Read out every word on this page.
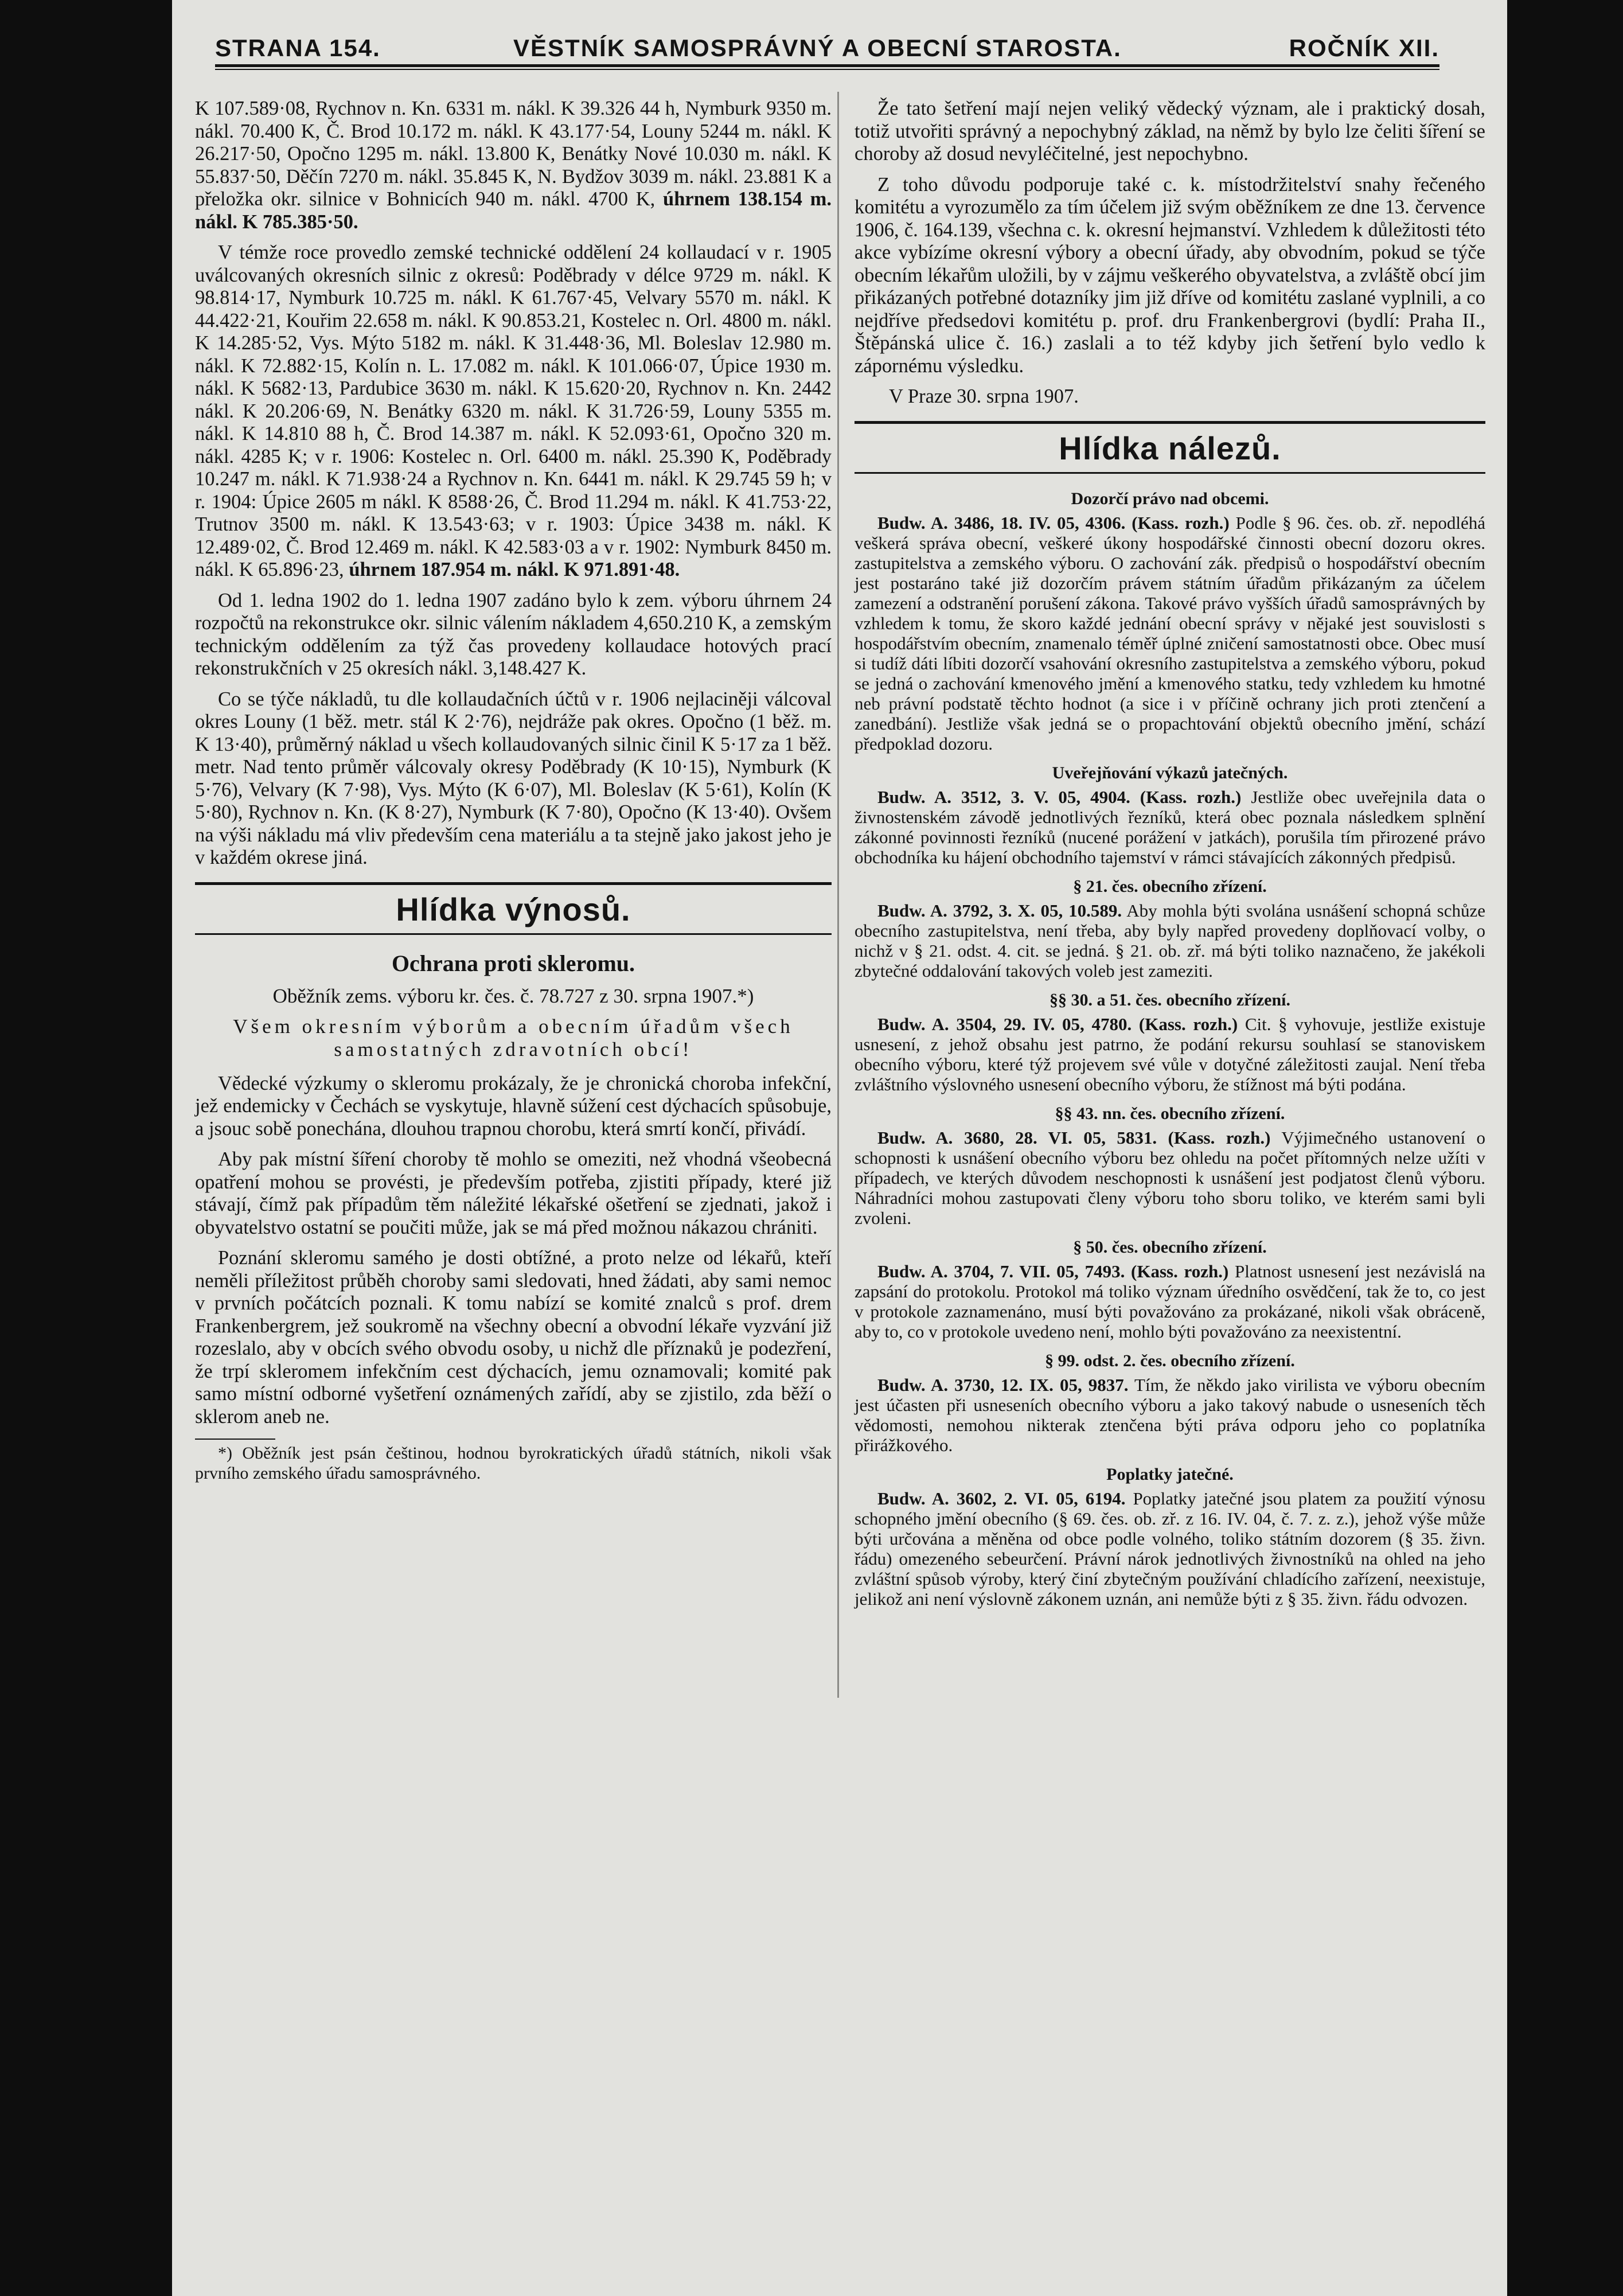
STRANA 154.	VĚSTNÍK SAMOSPRÁVNÝ A OBECNÍ STAROSTA.	ROČNÍK XII.

K 107.589·08, Rychnov n. Kn. 6331 m. nákl. K 39.326 44 h, Nymburk 9350 m. nákl. 70.400 K, Č. Brod 10.172 m. nákl. K 43.177·54, Louny 5244 m. nákl. K 26.217·50, Opočno 1295 m. nákl. 13.800 K, Benátky Nové 10.030 m. nákl. K 55.837·50, Děčín 7270 m. nákl. 35.845 K, N. Bydžov 3039 m. nákl. 23.881 K a přeložka okr. silnice v Bohnicích 940 m. nákl. 4700 K, úhrnem 138.154 m. nákl. K 785.385·50.

V témže roce provedlo zemské technické oddělení 24 kollaudací v r. 1905 uválcovaných okresních silnic z okresů: Poděbrady v délce 9729 m. nákl. K 98.814·17, Nymburk 10.725 m. nákl. K 61.767·45, Velvary 5570 m. nákl. K 44.422·21, Kouřim 22.658 m. nákl. K 90.853.21, Kostelec n. Orl. 4800 m. nákl. K 14.285·52, Vys. Mýto 5182 m. nákl. K 31.448·36, Ml. Boleslav 12.980 m. nákl. K 72.882·15, Kolín n. L. 17.082 m. nákl. K 101.066·07, Úpice 1930 m. nákl. K 5682·13, Pardubice 3630 m. nákl. K 15.620·20, Rychnov n. Kn. 2442 nákl. K 20.206·69, N. Benátky 6320 m. nákl. K 31.726·59, Louny 5355 m. nákl. K 14.810 88 h, Č. Brod 14.387 m. nákl. K 52.093·61, Opočno 320 m. nákl. 4285 K; v r. 1906: Kostelec n. Orl. 6400 m. nákl. 25.390 K, Poděbrady 10.247 m. nákl. K 71.938·24 a Rychnov n. Kn. 6441 m. nákl. K 29.745 59 h; v r. 1904: Úpice 2605 m nákl. K 8588·26, Č. Brod 11.294 m. nákl. K 41.753·22, Trutnov 3500 m. nákl. K 13.543·63; v r. 1903: Úpice 3438 m. nákl. K 12.489·02, Č. Brod 12.469 m. nákl. K 42.583·03 a v r. 1902: Nymburk 8450 m. nákl. K 65.896·23, úhrnem 187.954 m. nákl. K 971.891·48.

Od 1. ledna 1902 do 1. ledna 1907 zadáno bylo k zem. výboru úhrnem 24 rozpočtů na rekonstrukce okr. silnic válením nákladem 4,650.210 K, a zemským technickým oddělením za týž čas provedeny kollaudace hotových prací rekonstrukčních v 25 okresích nákl. 3,148.427 K.

Co se týče nákladů, tu dle kollaudačních účtů v r. 1906 nejlaciněji válcoval okres Louny (1 běž. metr. stál K 2·76), nejdráže pak okres. Opočno (1 běž. m. K 13·40), průměrný náklad u všech kollaudovaných silnic činil K 5·17 za 1 běž. metr. Nad tento průměr válcovaly okresy Poděbrady (K 10·15), Nymburk (K 5·76), Velvary (K 7·98), Vys. Mýto (K 6·07), Ml. Boleslav (K 5·61), Kolín (K 5·80), Rychnov n. Kn. (K 8·27), Nymburk (K 7·80), Opočno (K 13·40). Ovšem na výši nákladu má vliv především cena materiálu a ta stejně jako jakost jeho je v každém okrese jiná.

Hlídka výnosů.
Ochrana proti skleromu.
Oběžník zems. výboru kr. čes. č. 78.727 z 30. srpna 1907.*)
Všem okresním výborům a obecním úřadům všech samostatných zdravotních obcí!

Vědecké výzkumy o skleromu prokázaly, že je chronická choroba infekční, jež endemicky v Čechách se vyskytuje, hlavně súžení cest dýchacích spůsobuje, a jsouc sobě ponechána, dlouhou trapnou chorobu, která smrtí končí, přivádí.

Aby pak místní šíření choroby tě mohlo se omeziti, než vhodná všeobecná opatření mohou se provésti, je především potřeba, zjistiti případy, které již stávají, čímž pak případům těm náležité lékařské ošetření se zjednati, jakož i obyvatelstvo ostatní se poučiti může, jak se má před možnou nákazou chrániti.

Poznání skleromu samého je dosti obtížné, a proto nelze od lékařů, kteří neměli příležitost průběh choroby sami sledovati, hned žádati, aby sami nemoc v prvních počátcích poznali. K tomu nabízí se komité znalců s prof. drem Frankenbergrem, jež soukromě na všechny obecní a obvodní lékaře vyzvání již rozeslalo, aby v obcích svého obvodu osoby, u nichž dle příznaků je podezření, že trpí skleromem infekčním cest dýchacích, jemu oznamovali; komité pak samo místní odborné vyšetření oznámených zařídí, aby se zjistilo, zda běží o sklerom aneb ne.

*) Oběžník jest psán češtinou, hodnou byrokratických úřadů státních, nikoli však prvního zemského úřadu samosprávného.

Že tato šetření mají nejen veliký vědecký význam, ale i praktický dosah, totiž utvořiti správný a nepochybný základ, na němž by bylo lze čeliti šíření se choroby až dosud nevyléčitelné, jest nepochybno.

Z toho důvodu podporuje také c. k. místodržitelství snahy řečeného komitétu a vyrozumělo za tím účelem již svým oběžníkem ze dne 13. července 1906, č. 164.139, všechna c. k. okresní hejmanství. Vzhledem k důležitosti této akce vybízíme okresní výbory a obecní úřady, aby obvodním, pokud se týče obecním lékařům uložili, by v zájmu veškerého obyvatelstva, a zvláště obcí jim přikázaných potřebné dotazníky jim již dříve od komitétu zaslané vyplnili, a co nejdříve předsedovi komitétu p. prof. dru Frankenbergrovi (bydlí: Praha II., Štěpánská ulice č. 16.) zaslali a to též kdyby jich šetření bylo vedlo k zápornému výsledku.

V Praze 30. srpna 1907.

Hlídka nálezů.
Dozorčí právo nad obcemi.

Budw. A. 3486, 18. IV. 05, 4306. (Kass. rozh.) Podle § 96. čes. ob. zř. nepodléhá veškerá správa obecní, veškeré úkony hospodářské činnosti obecní dozoru okres. zastupitelstva a zemského výboru. O zachování zák. předpisů o hospodářství obecním jest postaráno také již dozorčím právem státním úřadům přikázaným za účelem zamezení a odstranění porušení zákona. Takové právo vyšších úřadů samosprávných by vzhledem k tomu, že skoro každé jednání obecní správy v nějaké jest souvislosti s hospodářstvím obecním, znamenalo téměř úplné zničení samostatnosti obce. Obec musí si tudíž dáti líbiti dozorčí vsahování okresního zastupitelstva a zemského výboru, pokud se jedná o zachování kmenového jmění a kmenového statku, tedy vzhledem ku hmotné neb právní podstatě těchto hodnot (a sice i v příčině ochrany jich proti ztenčení a zanedbání). Jestliže však jedná se o propachtování objektů obecního jmění, schází předpoklad dozoru.

Uveřejňování výkazů jatečných.

Budw. A. 3512, 3. V. 05, 4904. (Kass. rozh.) Jestliže obec uveřejnila data o živnostenském závodě jednotlivých řezníků, která obec poznala následkem splnění zákonné povinnosti řezníků (nucené porážení v jatkách), porušila tím přirozené právo obchodníka ku hájení obchodního tajemství v rámci stávajících zákonných předpisů.

§ 21. čes. obecního zřízení.

Budw. A. 3792, 3. X. 05, 10.589. Aby mohla býti svolána usnášení schopná schůze obecního zastupitelstva, není třeba, aby byly napřed provedeny doplňovací volby, o nichž v § 21. odst. 4. cit. se jedná. § 21. ob. zř. má býti toliko naznačeno, že jakékoli zbytečné oddalování takových voleb jest zameziti.

§§ 30. a 51. čes. obecního zřízení.

Budw. A. 3504, 29. IV. 05, 4780. (Kass. rozh.) Cit. § vyhovuje, jestliže existuje usnesení, z jehož obsahu jest patrno, že podání rekursu souhlasí se stanoviskem obecního výboru, které týž projevem své vůle v dotyčné záležitosti zaujal. Není třeba zvláštního výslovného usnesení obecního výboru, že stížnost má býti podána.

§§ 43. nn. čes. obecního zřízení.

Budw. A. 3680, 28. VI. 05, 5831. (Kass. rozh.) Výjimečného ustanovení o schopnosti k usnášení obecního výboru bez ohledu na počet přítomných nelze užíti v případech, ve kterých důvodem neschopnosti k usnášení jest podjatost členů výboru. Náhradníci mohou zastupovati členy výboru toho sboru toliko, ve kterém sami byli zvoleni.

§ 50. čes. obecního zřízení.

Budw. A. 3704, 7. VII. 05, 7493. (Kass. rozh.) Platnost usnesení jest nezávislá na zapsání do protokolu. Protokol má toliko význam úředního osvědčení, tak že to, co jest v protokole zaznamenáno, musí býti považováno za prokázané, nikoli však obráceně, aby to, co v protokole uvedeno není, mohlo býti považováno za neexistentní.

§ 99. odst. 2. čes. obecního zřízení.

Budw. A. 3730, 12. IX. 05, 9837. Tím, že někdo jako virilista ve výboru obecním jest účasten při usneseních obecního výboru a jako takový nabude o usneseních těch vědomosti, nemohou nikterak ztenčena býti práva odporu jeho co poplatníka přirážkového.

Poplatky jatečné.

Budw. A. 3602, 2. VI. 05, 6194. Poplatky jatečné jsou platem za použití výnosu schopného jmění obecního (§ 69. čes. ob. zř. z 16. IV. 04, č. 7. z. z.), jehož výše může býti určována a měněna od obce podle volného, toliko státním dozorem (§ 35. živn. řádu) omezeného sebeurčení. Právní nárok jednotlivých živnostníků na ohled na jeho zvláštní spůsob výroby, který činí zbytečným používání chladícího zařízení, neexistuje, jelikož ani není výslovně zákonem uznán, ani nemůže býti z § 35. živn. řádu odvozen.
